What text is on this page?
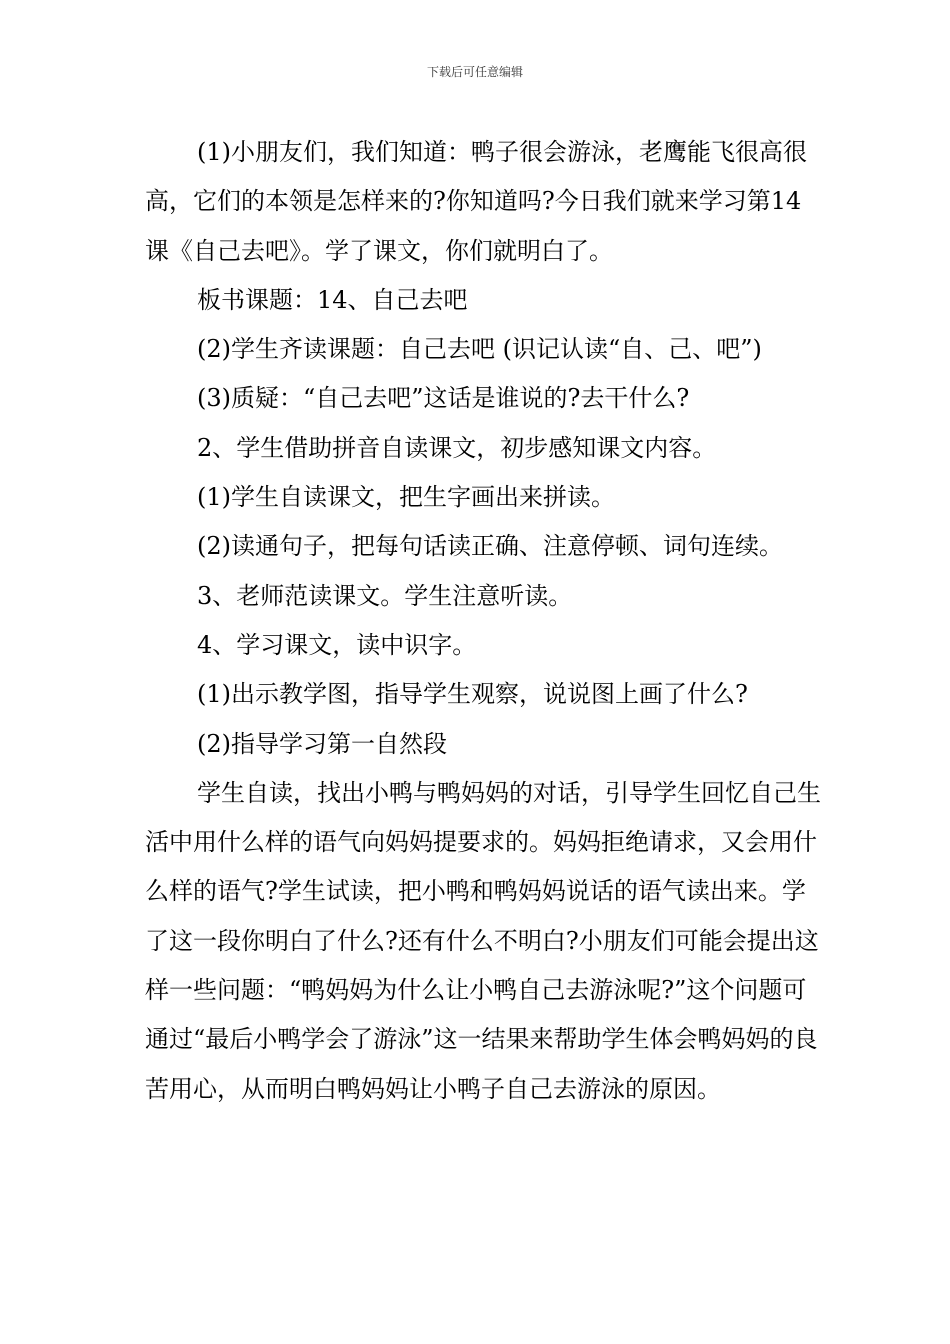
下载后可任意编辑

(1)小朋友们，我们知道：鸭子很会游泳，老鹰能飞很高很高，它们的本领是怎样来的?你知道吗?今日我们就来学习第14课《自己去吧》。学了课文，你们就明白了。

板书课题：14、自己去吧

(2)学生齐读课题：自己去吧 (识记认读“自、己、吧”)

(3)质疑：“自己去吧”这话是谁说的?去干什么?

2、学生借助拼音自读课文，初步感知课文内容。

(1)学生自读课文，把生字画出来拼读。

(2)读通句子，把每句话读正确、注意停顿、词句连续。

3、老师范读课文。学生注意听读。

4、学习课文，读中识字。

(1)出示教学图，指导学生观察，说说图上画了什么?

(2)指导学习第一自然段

学生自读，找出小鸭与鸭妈妈的对话，引导学生回忆自己生活中用什么样的语气向妈妈提要求的。妈妈拒绝请求，又会用什么样的语气?学生试读，把小鸭和鸭妈妈说话的语气读出来。学了这一段你明白了什么?还有什么不明白?小朋友们可能会提出这样一些问题：“鸭妈妈为什么让小鸭自己去游泳呢?”这个问题可通过“最后小鸭学会了游泳”这一结果来帮助学生体会鸭妈妈的良苦用心，从而明白鸭妈妈让小鸭子自己去游泳的原因。
